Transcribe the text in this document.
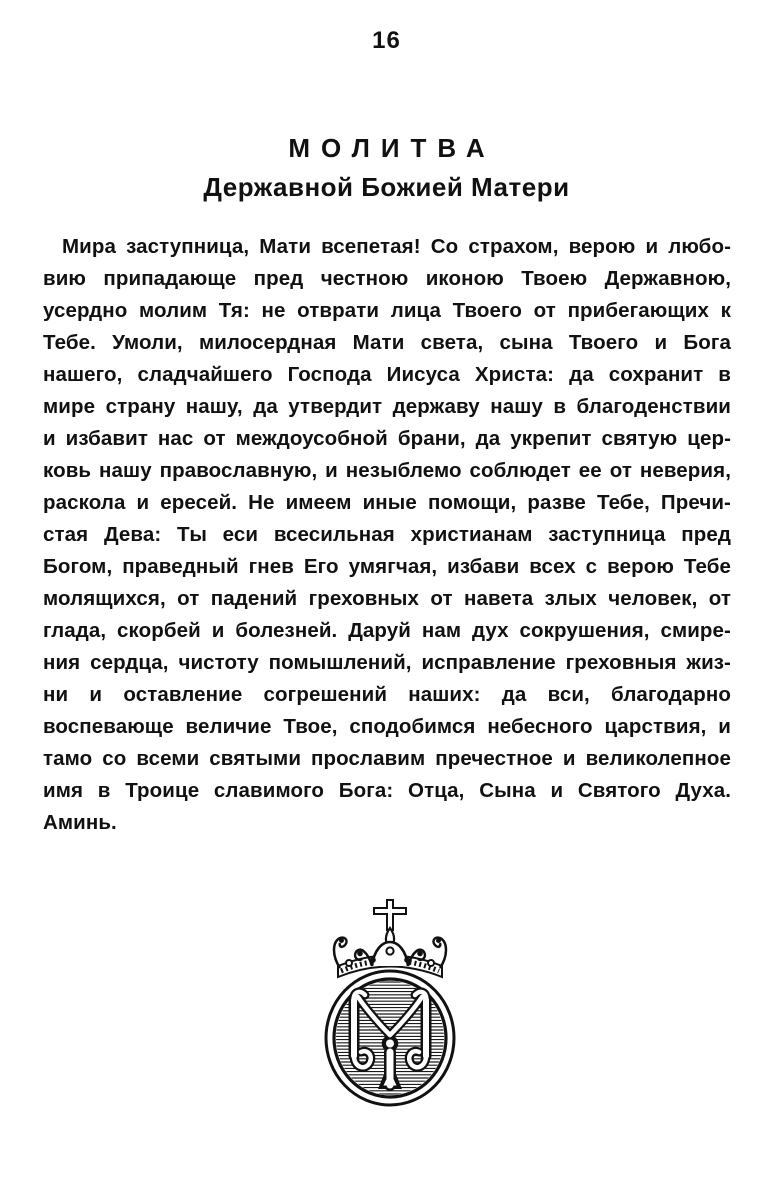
16
МОЛИТВА
Державной Божией Матери
Мира заступница, Мати всепетая! Со страхом, верою и любо-
вию припадающе пред честною иконою Твоею Державною,
усердно молим Тя: не отврати лица Твоего от прибегающих к
Тебе. Умоли, милосердная Мати света, сына Твоего и Бога
нашего, сладчайшего Господа Иисуса Христа: да сохранит в
мире страну нашу, да утвердит державу нашу в благоденствии
и избавит нас от междоусобной брани, да укрепит святую цер-
ковь нашу православную, и незыблемо соблюдет ее от неверия,
раскола и ересей. Не имеем иные помощи, разве Тебе, Пречи-
стая Дева: Ты еси всесильная христианам заступница пред
Богом, праведный гнев Его умягчая, избави всех с верою Тебе
молящихся, от падений греховных от навета злых человек, от
глада, скорбей и болезней. Даруй нам дух сокрушения, смире-
ния сердца, чистоту помышлений, исправление греховныя жиз-
ни и оставление согрешений наших: да вси, благодарно
воспевающе величие Твое, сподобимся небесного царствия, и
тамо со всеми святыми прославим пречестное и великолепное
имя в Троице славимого Бога: Отца, Сына и Святого Духа.
Аминь.
